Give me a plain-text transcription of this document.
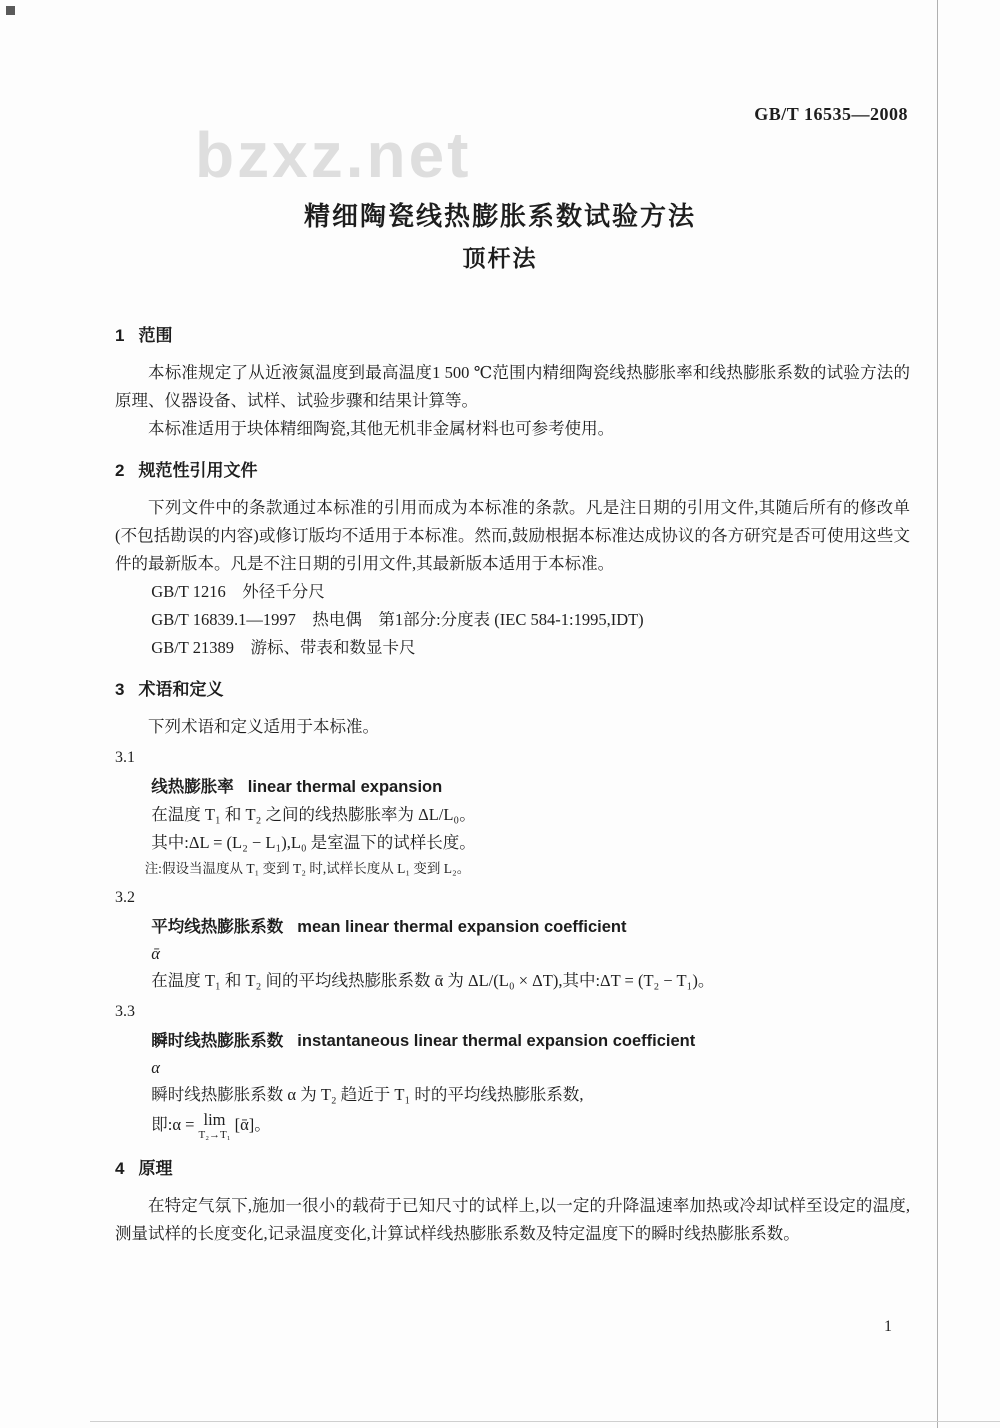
GB/T 16535—2008
bzxz.net
精细陶瓷线热膨胀系数试验方法
顶杆法
1 范围

本标准规定了从近液氮温度到最高温度1 500 ℃范围内精细陶瓷线热膨胀率和线热膨胀系数的试验方法的原理、仪器设备、试样、试验步骤和结果计算等。

本标准适用于块体精细陶瓷,其他无机非金属材料也可参考使用。

2 规范性引用文件

下列文件中的条款通过本标准的引用而成为本标准的条款。凡是注日期的引用文件,其随后所有的修改单(不包括勘误的内容)或修订版均不适用于本标准。然而,鼓励根据本标准达成协议的各方研究是否可使用这些文件的最新版本。凡是不注日期的引用文件,其最新版本适用于本标准。

GB/T 1216　外径千分尺

GB/T 16839.1—1997　热电偶　第1部分:分度表 (IEC 584-1:1995,IDT)

GB/T 21389　游标、带表和数显卡尺

3 术语和定义

下列术语和定义适用于本标准。

3.1
线热膨胀率 linear thermal expansion

在温度 T₁ 和 T₂ 之间的线热膨胀率为 ΔL/L₀。

其中:ΔL = (L₂ − L₁),L₀ 是室温下的试样长度。

注:假设当温度从 T₁ 变到 T₂ 时,试样长度从 L₁ 变到 L₂。

3.2
平均线热膨胀系数 mean linear thermal expansion coefficient
ᾱ

在温度 T₁ 和 T₂ 间的平均线热膨胀系数 ᾱ 为 ΔL/(L₀ × ΔT),其中:ΔT = (T₂ − T₁)。

3.3
瞬时线热膨胀系数 instantaneous linear thermal expansion coefficient
α

瞬时线热膨胀系数 α 为 T₂ 趋近于 T₁ 时的平均线热膨胀系数,

即:α = lim
T₂→T₁
[ᾱ]。
4 原理

在特定气氛下,施加一很小的载荷于已知尺寸的试样上,以一定的升降温速率加热或冷却试样至设定的温度,测量试样的长度变化,记录温度变化,计算试样线热膨胀系数及特定温度下的瞬时线热膨胀系数。

1
